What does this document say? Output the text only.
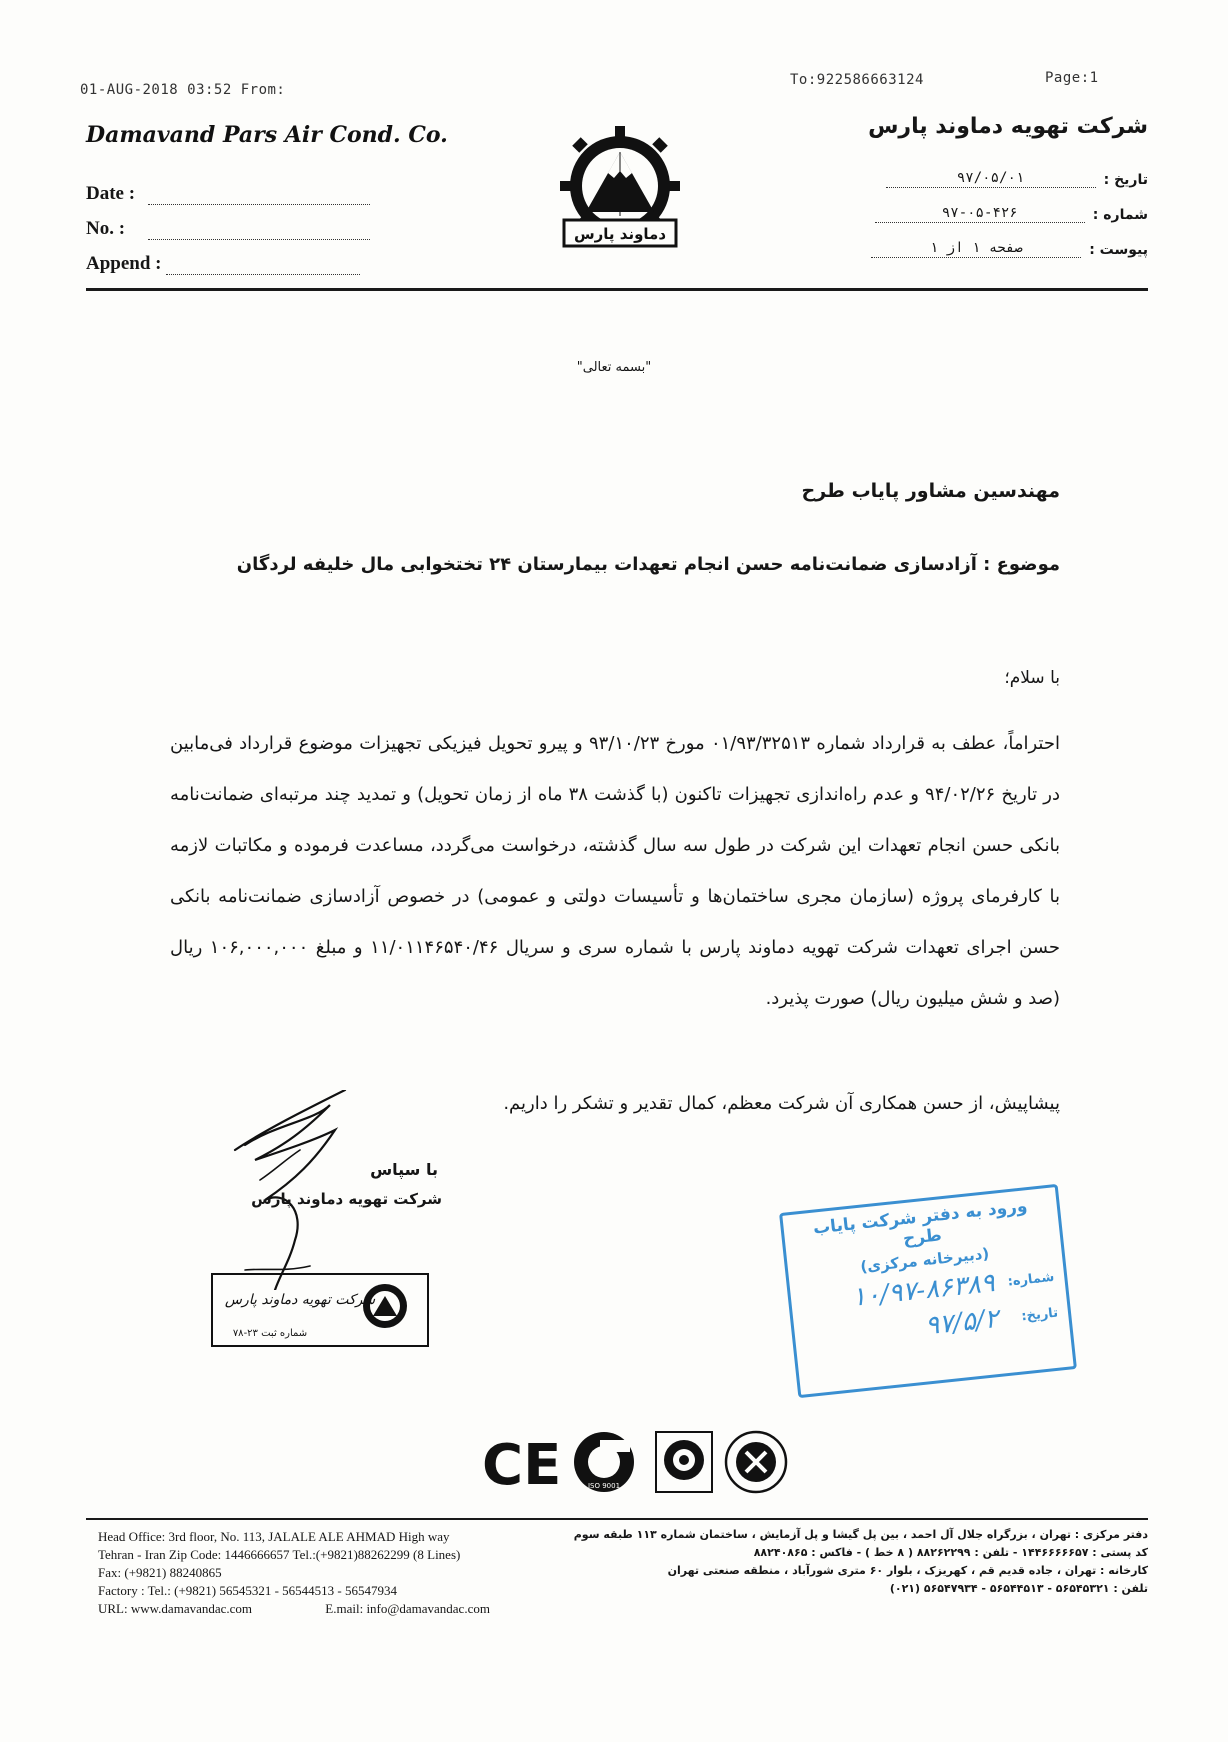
01-AUG-2018 03:52 From:
To:922586663124	Page:1
Damavand Pars Air Cond. Co.
Date :
No. :
Append :
دماوند پارس
شرکت تهویه دماوند پارس
تاریخ :
۹۷/۰۵/۰۱
شماره :
۹۷-۰۵-۴۲۶
پیوست :
صفحه ۱ از ۱
"بسمه تعالی"
مهندسین مشاور پایاب طرح
موضوع : آزادسازی ضمانت‌نامه حسن انجام تعهدات بیمارستان ۲۴ تختخوابی مال خلیفه لردگان
با سلام؛
احتراماً، عطف به قرارداد شماره ۰۱/۹۳/۳۲۵۱۳ مورخ ۹۳/۱۰/۲۳ و پیرو تحویل فیزیکی تجهیزات موضوع قرارداد فی‌مابین در تاریخ ۹۴/۰۲/۲۶ و عدم راه‌اندازی تجهیزات تاکنون (با گذشت ۳۸ ماه از زمان تحویل) و تمدید چند مرتبه‌ای ضمانت‌نامه بانکی حسن انجام تعهدات این شرکت در طول سه سال گذشته، درخواست می‌گردد، مساعدت فرموده و مکاتبات لازمه با کارفرمای پروژه (سازمان مجری ساختمان‌ها و تأسیسات دولتی و عمومی) در خصوص آزادسازی ضمانت‌نامه بانکی حسن اجرای تعهدات شرکت تهویه دماوند پارس با شماره سری و سریال ۱۱/۰۱۱۴۶۵۴۰/۴۶ و مبلغ ۱۰۶,۰۰۰,۰۰۰ ریال (صد و شش میلیون ریال) صورت پذیرد.
پیشاپیش، از حسن همکاری آن شرکت معظم، کمال تقدیر و تشکر را داریم.
با سپاس
شرکت تهویه دماوند پارس
شرکت تهویه دماوند پارس
شماره ثبت ۲۳-۷۸
ورود به دفتر شرکت پایاب طرح
(دبیرخانه مرکزی)
شماره:
۱۰/۹۷-۸۶۳۸۹
تاریخ:
۹۷/۵/۲
CE	ISO 9001
Head Office: 3rd floor, No. 113, JALALE ALE AHMAD High way
Tehran - Iran Zip Code: 1446666657 Tel.:(+9821)88262299 (8 Lines)
Fax: (+9821) 88240865
Factory : Tel.: (+9821) 56545321 - 56544513 - 56547934
URL: www.damavandac.com	E.mail: info@damavandac.com
دفتر مرکزی : تهران ، بزرگراه جلال آل احمد ، بین پل گیشا و پل آزمایش ، ساختمان شماره ۱۱۳ طبقه سوم
کد پستی : ۱۴۴۶۶۶۶۶۵۷ - تلفن : ۸۸۲۶۲۲۹۹ ( ۸ خط ) - فاکس : ۸۸۲۴۰۸۶۵
کارخانه : تهران ، جاده قدیم قم ، کهریزک ، بلوار ۶۰ متری شورآباد ، منطقه صنعتی تهران
تلفن : ۵۶۵۴۵۳۲۱ - ۵۶۵۴۴۵۱۳ - ۵۶۵۴۷۹۳۴ (۰۲۱)
